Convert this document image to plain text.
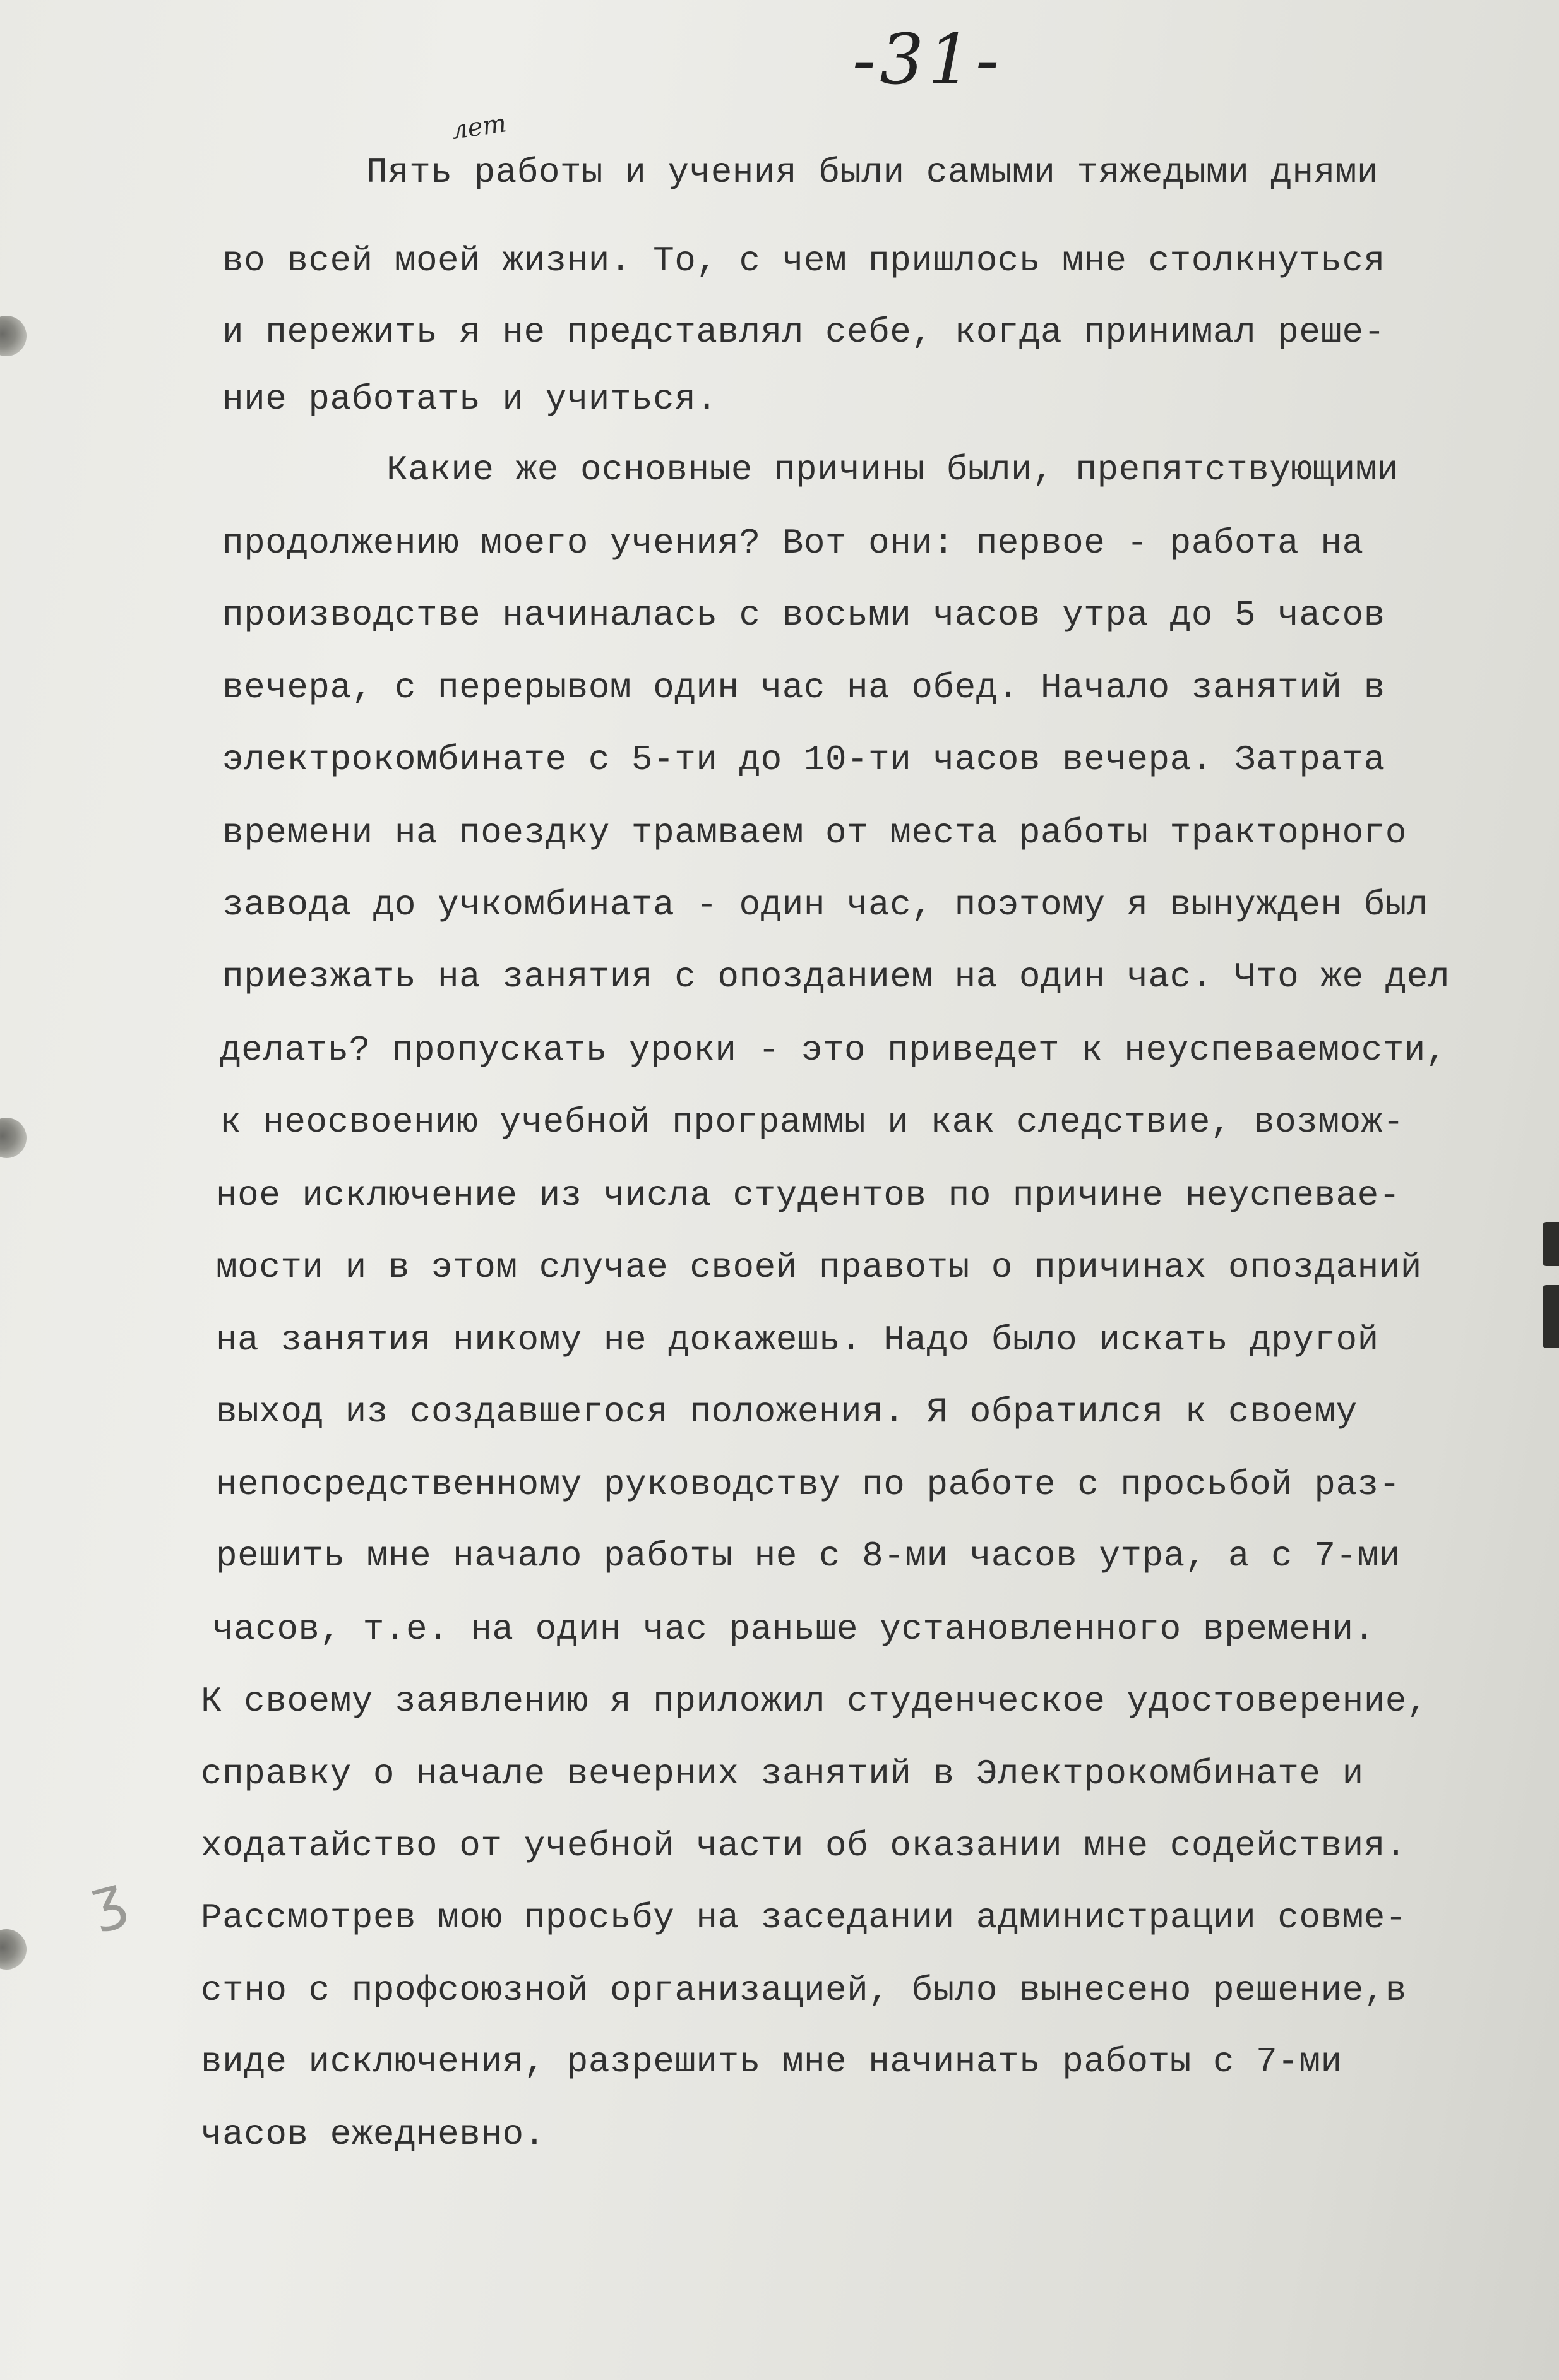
-31-
лет
ʒ

Пять работы и учения были самыми тяжедыми днями

во всей моей жизни. То, с чем пришлось мне столкнуться

и пережить я не представлял себе, когда принимал реше-

ние работать и учиться.

Какие же основные причины были, препятствующими

продолжению моего учения? Вот они: первое - работа на

производстве начиналась с восьми часов утра до 5 часов

вечера, с перерывом один час на обед. Начало занятий в

электрокомбинате с 5-ти до 10-ти часов вечера. Затрата

времени на поездку трамваем от места работы тракторного

завода до учкомбината - один час, поэтому я вынужден был

приезжать на занятия с опозданием на один час. Что же дел

делать? пропускать уроки - это приведет к неуспеваемости,

к неосвоению учебной программы и как следствие, возмож-

ное исключение из числа студентов по причине неуспевае-

мости и в этом случае своей правоты о причинах опозданий

на занятия никому не докажешь. Надо было искать другой

выход из создавшегося положения. Я обратился к своему

непосредственному руководству по работе с просьбой раз-

решить мне начало работы не с 8-ми часов утра, а с 7-ми

часов, т.е. на один час раньше установленного времени.

К своему заявлению я приложил студенческое удостоверение,

справку о начале вечерних занятий в Электрокомбинате и

ходатайство от учебной части об оказании мне содействия.

Рассмотрев мою просьбу на заседании администрации совме-

стно с профсоюзной организацией, было вынесено решение,в

виде исключения, разрешить мне начинать работы с 7-ми

часов ежедневно.
